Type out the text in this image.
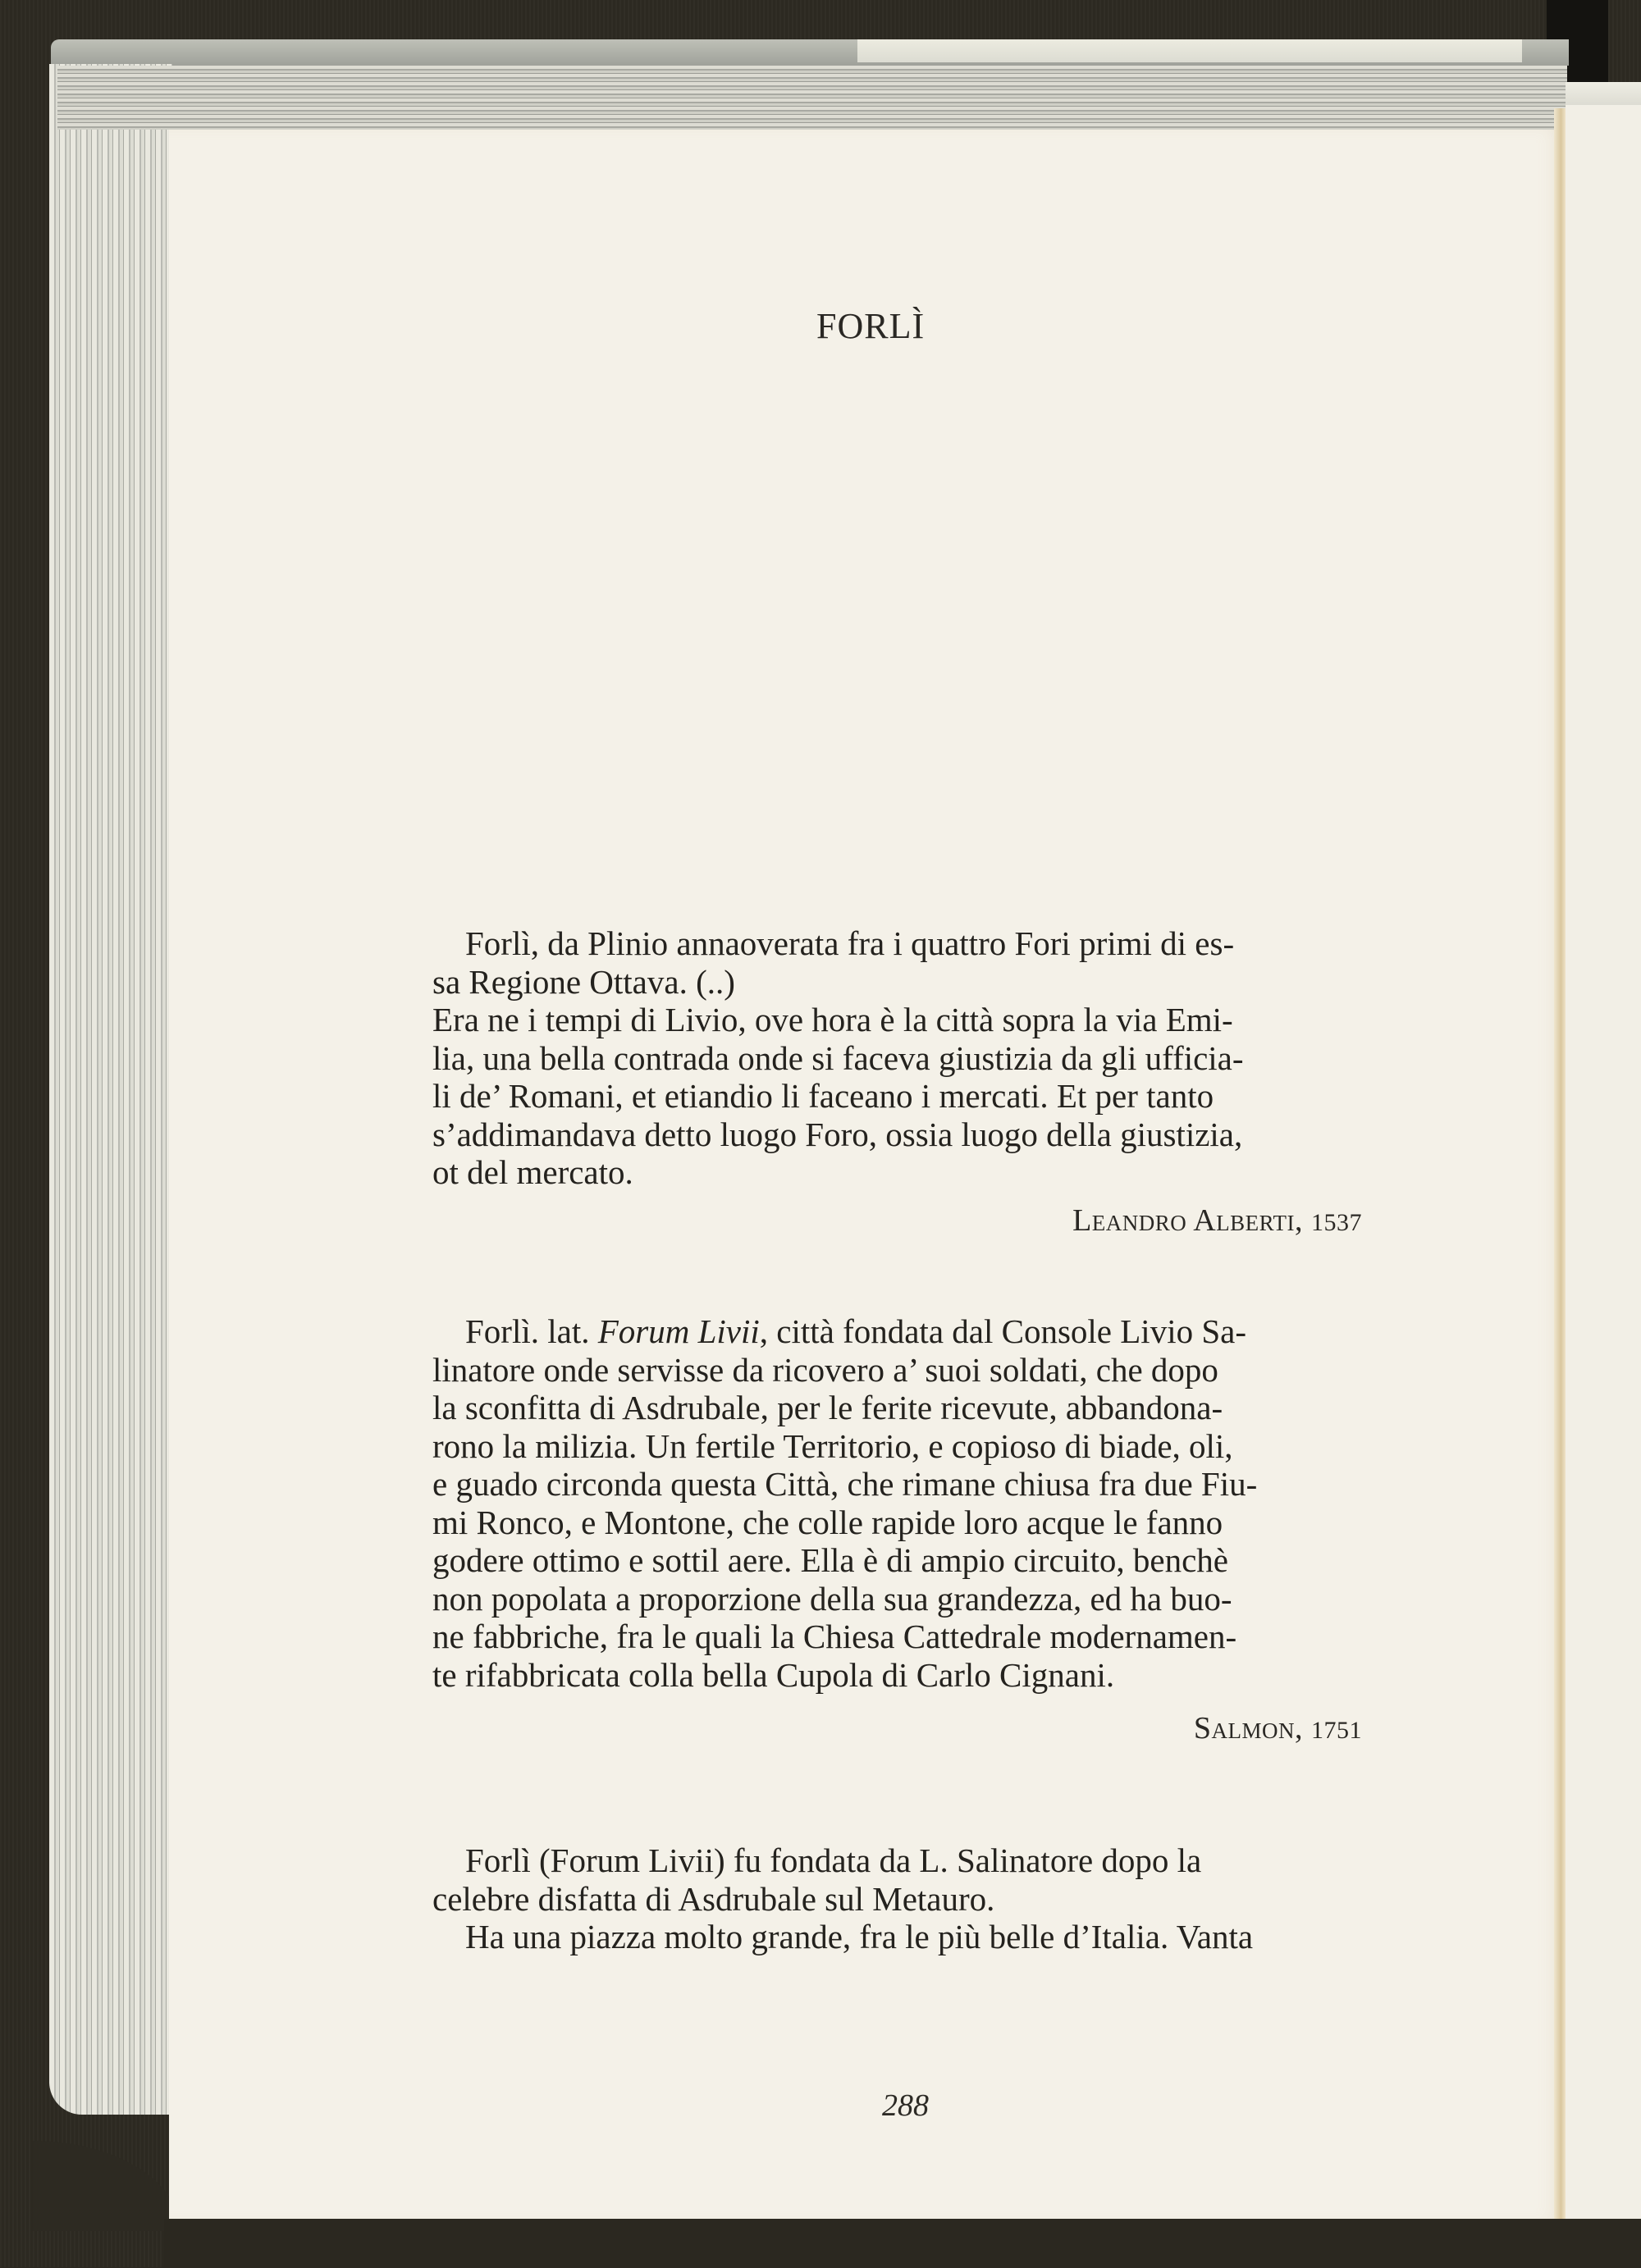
FORLÌ

Forlì, da Plinio annaoverata fra i quattro Fori primi di es-

sa Regione Ottava. (..)

Era ne i tempi di Livio, ove hora è la città sopra la via Emi-

lia, una bella contrada onde si faceva giustizia da gli ufficia-

li de’ Romani, et etiandio li faceano i mercati. Et per tanto

s’addimandava detto luogo Foro, ossia luogo della giustizia,

ot del mercato.

Leandro Alberti, 1537

Forlì. lat. Forum Livii, città fondata dal Console Livio Sa-

linatore onde servisse da ricovero a’ suoi soldati, che dopo

la sconfitta di Asdrubale, per le ferite ricevute, abbandona-

rono la milizia. Un fertile Territorio, e copioso di biade, oli,

e guado circonda questa Città, che rimane chiusa fra due Fiu-

mi Ronco, e Montone, che colle rapide loro acque le fanno

godere ottimo e sottil aere. Ella è di ampio circuito, benchè

non popolata a proporzione della sua grandezza, ed ha buo-

ne fabbriche, fra le quali la Chiesa Cattedrale modernamen-

te rifabbricata colla bella Cupola di Carlo Cignani.

Salmon, 1751

Forlì (Forum Livii) fu fondata da L. Salinatore dopo la

celebre disfatta di Asdrubale sul Metauro.

Ha una piazza molto grande, fra le più belle d’Italia. Vanta

288
